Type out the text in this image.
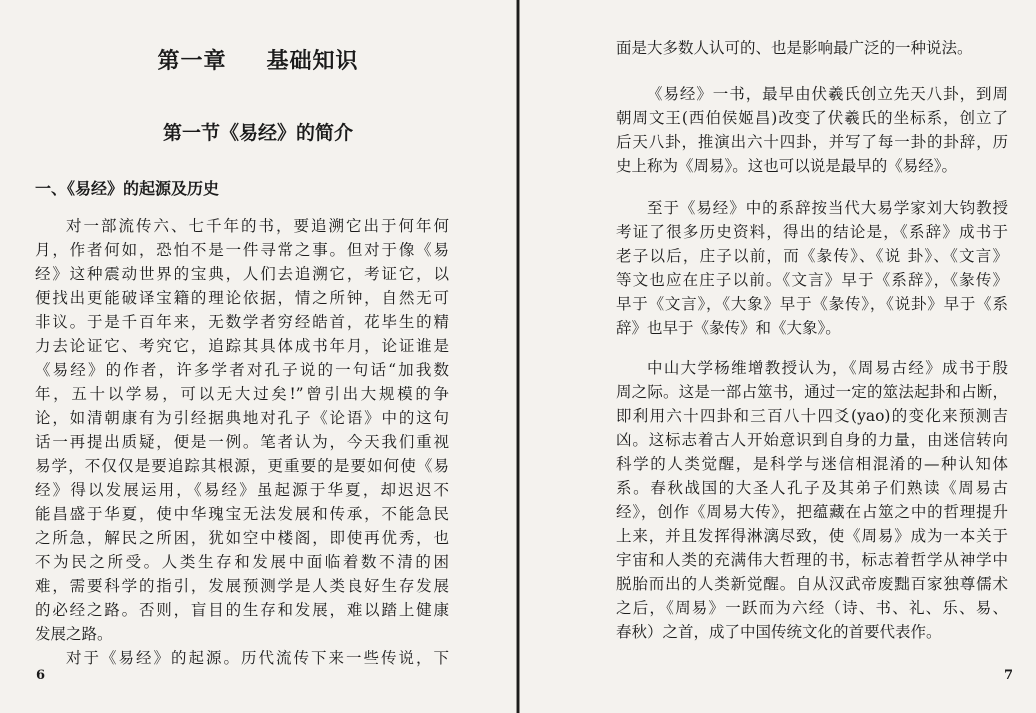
第一章 基础知识
第一节《易经》的简介
一、《易经》的起源及历史
对一部流传六、七千年的书，要追溯它出于何年何
月，作者何如，恐怕不是一件寻常之事。但对于像《易
经》这种震动世界的宝典，人们去追溯它，考证它，以
便找出更能破译宝籍的理论依据，情之所钟，自然无可
非议。于是千百年来，无数学者穷经皓首，花毕生的精
力去论证它、考究它，追踪其具体成书年月，论证谁是
《易经》的作者，许多学者对孔子说的一句话“加我数
年，五十以学易，可以无大过矣!”曾引出大规模的争
论，如清朝康有为引经据典地对孔子《论语》中的这句
话一再提出质疑，便是一例。笔者认为，今天我们重视
易学，不仅仅是要追踪其根源，更重要的是要如何使《易
经》得以发展运用，《易经》虽起源于华夏，却迟迟不
能昌盛于华夏，使中华瑰宝无法发展和传承，不能急民
之所急，解民之所困，犹如空中楼阁，即使再优秀，也
不为民之所受。人类生存和发展中面临着数不清的困
难，需要科学的指引，发展预测学是人类良好生存发展
的必经之路。否则，盲目的生存和发展，难以踏上健康
发展之路。
对于《易经》的起源。历代流传下来一些传说，下
6
面是大多数人认可的、也是影响最广泛的一种说法。
《易经》一书，最早由伏羲氏创立先天八卦，到周
朝周文王(西伯侯姬昌)改变了伏羲氏的坐标系，创立了
后天八卦，推演出六十四卦，并写了每一卦的卦辞，历
史上称为《周易》。这也可以说是最早的《易经》。
至于《易经》中的系辞按当代大易学家刘大钧教授
考证了很多历史资料，得出的结论是，《系辞》成书于
老子以后，庄子以前，而《彖传》、《说 卦》、《文言》
等文也应在庄子以前。《文言》早于《系辞》，《彖传》
早于《文言》，《大象》早于《彖传》，《说卦》早于《系
辞》也早于《彖传》和《大象》。
中山大学杨维增教授认为，《周易古经》成书于殷
周之际。这是一部占筮书，通过一定的筮法起卦和占断，
即利用六十四卦和三百八十四爻(yao)的变化来预测吉
凶。这标志着古人开始意识到自身的力量，由迷信转向
科学的人类觉醒，是科学与迷信相混淆的—种认知体
系。春秋战国的大圣人孔子及其弟子们熟读《周易古
经》，创作《周易大传》，把蕴藏在占筮之中的哲理提升
上来，并且发挥得淋漓尽致，使《周易》成为一本关于
宇宙和人类的充满伟大哲理的书，标志着哲学从神学中
脱胎而出的人类新觉醒。自从汉武帝废黜百家独尊儒术
之后，《周易》一跃而为六经（诗、书、礼、乐、易、
春秋）之首，成了中国传统文化的首要代表作。
7
